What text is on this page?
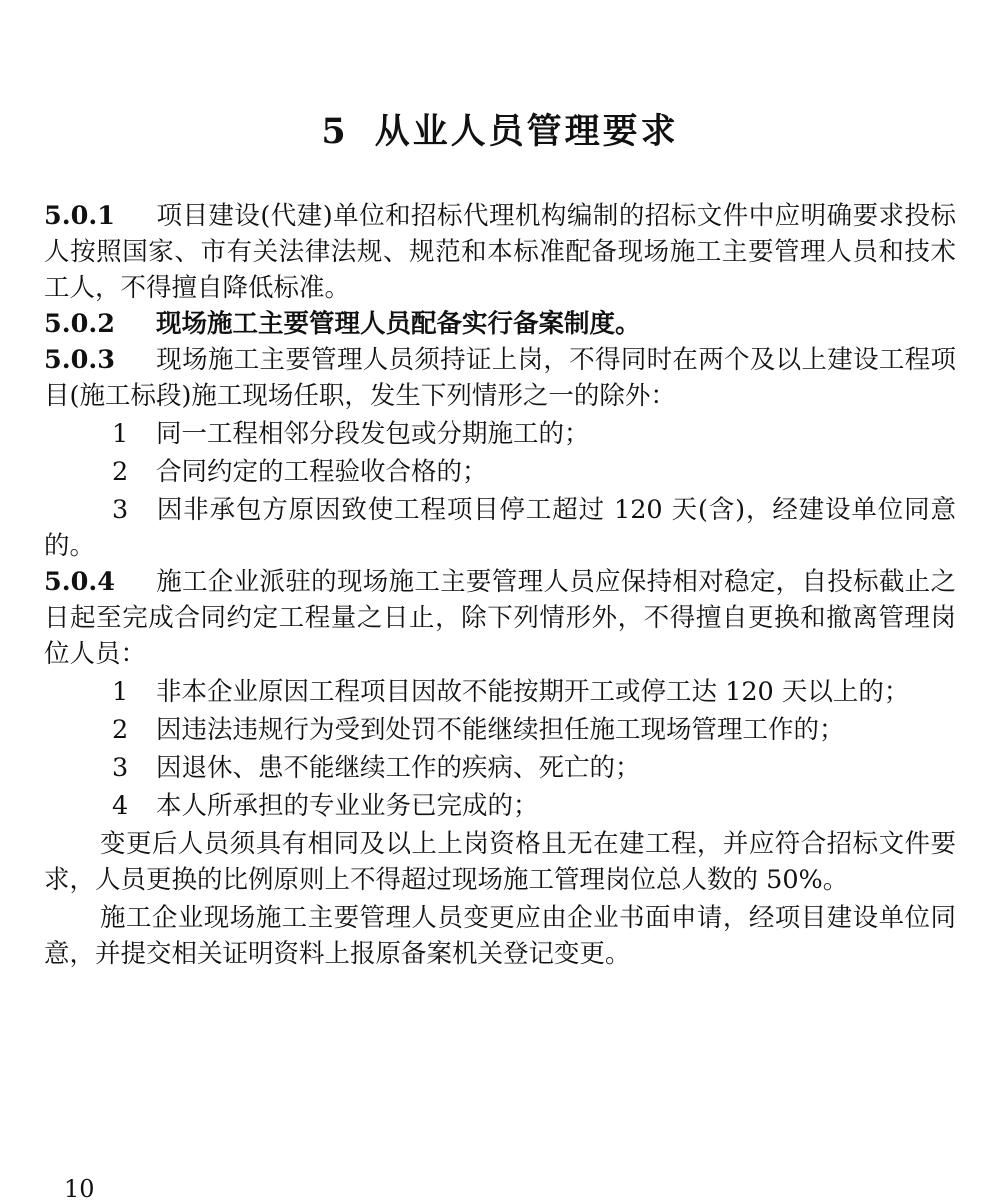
5 从业人员管理要求

5.0.1 项目建设(代建)单位和招标代理机构编制的招标文件中应明确要求投标人按照国家、市有关法律法规、规范和本标准配备现场施工主要管理人员和技术工人，不得擅自降低标准。

5.0.2 现场施工主要管理人员配备实行备案制度。

5.0.3 现场施工主要管理人员须持证上岗，不得同时在两个及以上建设工程项目(施工标段)施工现场任职，发生下列情形之一的除外：

1 同一工程相邻分段发包或分期施工的；

2 合同约定的工程验收合格的；

3 因非承包方原因致使工程项目停工超过 120 天(含)，经建设单位同意的。

5.0.4 施工企业派驻的现场施工主要管理人员应保持相对稳定，自投标截止之日起至完成合同约定工程量之日止，除下列情形外，不得擅自更换和撤离管理岗位人员：

1 非本企业原因工程项目因故不能按期开工或停工达 120 天以上的；

2 因违法违规行为受到处罚不能继续担任施工现场管理工作的；

3 因退休、患不能继续工作的疾病、死亡的；

4 本人所承担的专业业务已完成的；

变更后人员须具有相同及以上上岗资格且无在建工程，并应符合招标文件要求，人员更换的比例原则上不得超过现场施工管理岗位总人数的 50%。

施工企业现场施工主要管理人员变更应由企业书面申请，经项目建设单位同意，并提交相关证明资料上报原备案机关登记变更。

10
